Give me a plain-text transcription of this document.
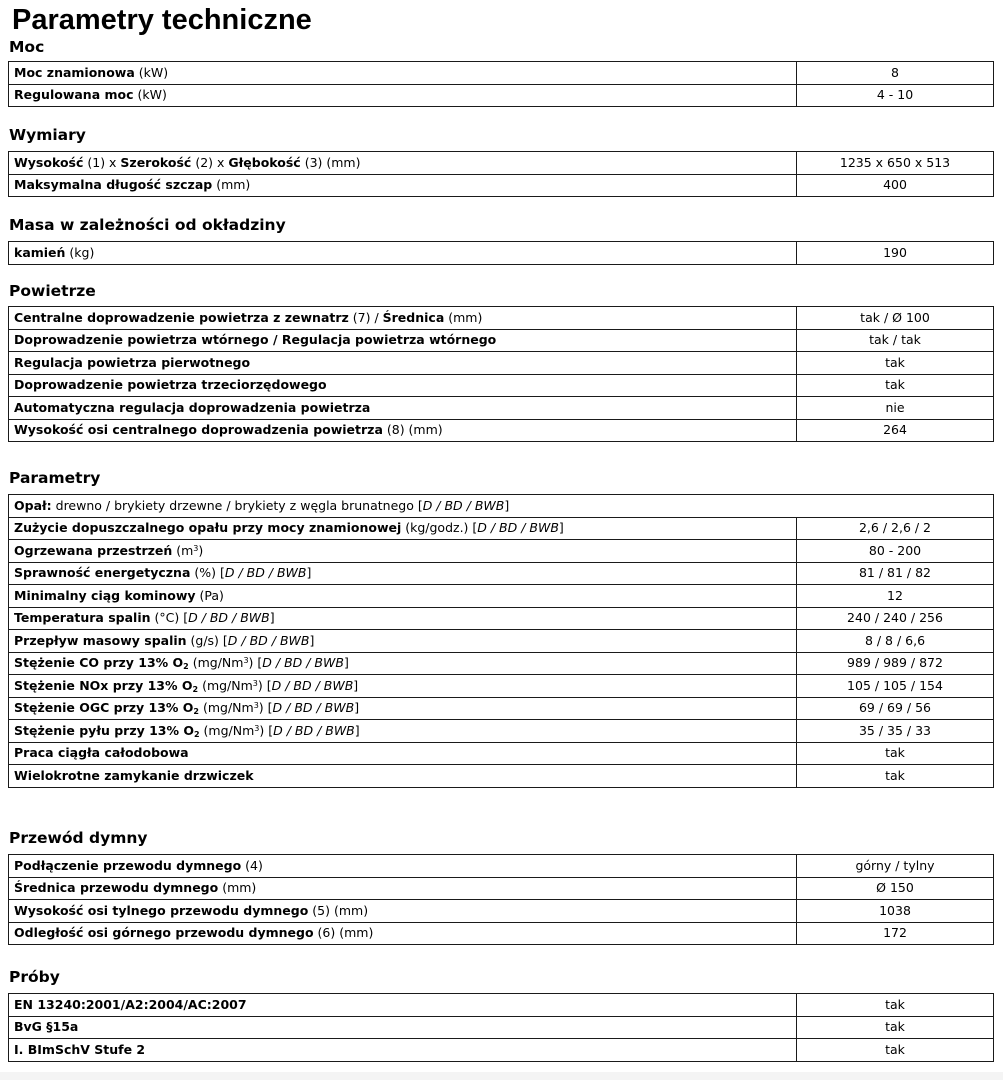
Parametry techniczne
Moc
Moc znamionowa (kW)	8
Regulowana moc (kW)	4 - 10
Wymiary
Wysokość (1) x Szerokość (2) x Głębokość (3) (mm)	1235 x 650 x 513
Maksymalna długość szczap (mm)	400
Masa w zależności od okładziny
kamień (kg)	190
Powietrze
Centralne doprowadzenie powietrza z zewnatrz (7) / Średnica (mm)	tak / Ø 100
Doprowadzenie powietrza wtórnego / Regulacja powietrza wtórnego	tak / tak
Regulacja powietrza pierwotnego	tak
Doprowadzenie powietrza trzeciorzędowego	tak
Automatyczna regulacja doprowadzenia powietrza	nie
Wysokość osi centralnego doprowadzenia powietrza (8) (mm)	264
Parametry
Opał: drewno / brykiety drzewne / brykiety z węgla brunatnego [D / BD / BWB]	
Zużycie dopuszczalnego opału przy mocy znamionowej (kg/godz.) [D / BD / BWB]	2,6 / 2,6 / 2
Ogrzewana przestrzeń $(m^3)$	80 - 200
Sprawność energetyczna (%) [D / BD / BWB]	81 / 81 / 82
Minimalny ciąg kominowy (Pa)	12
Temperatura spalin (°C) [D / BD / BWB]	240 / 240 / 256
Przepływ masowy spalin (g/s) [D / BD / BWB]	8 / 8 / 6,6
Stężenie CO przy 13% $O_2$ (mg/Nm$^3$) [D / BD / BWB]	989 / 989 / 872
Stężenie NOx przy 13% $O_2$ (mg/Nm$^3$) [D / BD / BWB]	105 / 105 / 154
Stężenie OGC przy 13% $O_2$ (mg/Nm$^3$) [D / BD / BWB]	69 / 69 / 56
Stężenie pyłu przy 13% $O_2$ (mg/Nm$^3$) [D / BD / BWB]	35 / 35 / 33
Praca ciągła całodobowa	tak
Wielokrotne zamykanie drzwiczek	tak
Przewód dymny
Podłączenie przewodu dymnego (4)	górny / tylny
Średnica przewodu dymnego (mm)	Ø 150
Wysokość osi tylnego przewodu dymnego (5) (mm)	1038
Odległość osi górnego przewodu dymnego (6) (mm)	172
Próby
EN 13240:2001/A2:2004/AC:2007	tak
BvG §15a	tak
I. BImSchV Stufe 2	tak
